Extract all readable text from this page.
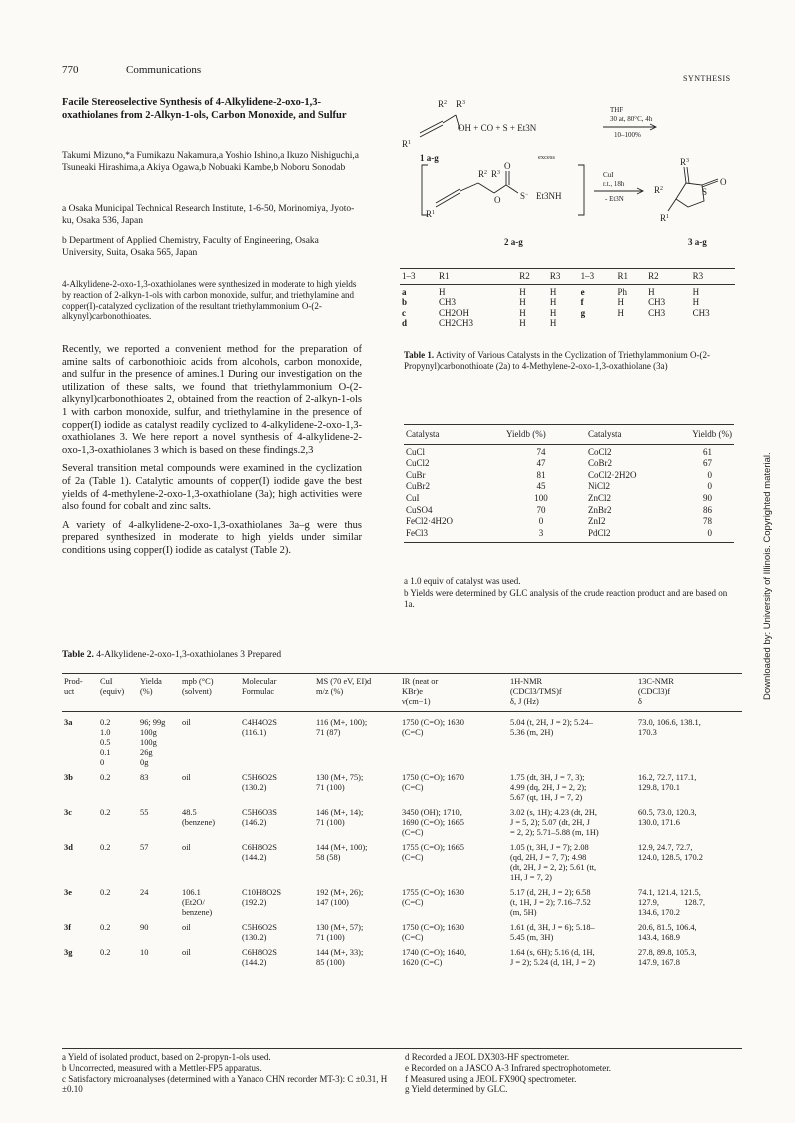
770	Communications
SYNTHESIS
Facile Stereoselective Synthesis of 4-Alkylidene-2-oxo-1,3-oxathiolanes from 2-Alkyn-1-ols, Carbon Monoxide, and Sulfur
Takumi Mizuno,*a Fumikazu Nakamura,a Yoshio Ishino,a Ikuzo Nishiguchi,a Tsuneaki Hirashima,a Akiya Ogawa,b Nobuaki Kambe,b Noboru Sonodab
a Osaka Municipal Technical Research Institute, 1-6-50, Morinomiya, Jyoto-ku, Osaka 536, Japan
b Department of Applied Chemistry, Faculty of Engineering, Osaka University, Suita, Osaka 565, Japan
4-Alkylidene-2-oxo-1,3-oxathiolanes were synthesized in moderate to high yields by reaction of 2-alkyn-1-ols with carbon monoxide, sulfur, and triethylamine and copper(I)-catalyzed cyclization of the resultant triethylammonium O-(2-alkynyl)carbonothioates.

Recently, we reported a convenient method for the preparation of amine salts of carbonothioic acids from alcohols, carbon monoxide, and sulfur in the presence of amines.1 During our investigation on the utilization of these salts, we found that triethylammonium O-(2-alkynyl)carbonothioates 2, obtained from the reaction of 2-alkyn-1-ols 1 with carbon monoxide, sulfur, and triethylamine in the presence of copper(I) iodide as catalyst readily cyclized to 4-alkylidene-2-oxo-1,3-oxathiolanes 3. We here report a novel synthesis of 4-alkylidene-2-oxo-1,3-oxathiolanes 3 which is based on these findings.2,3

Several transition metal compounds were examined in the cyclization of 2a (Table 1). Catalytic amounts of copper(I) iodide gave the best yields of 4-methylene-2-oxo-1,3-oxathiolane (3a); high activities were also found for cobalt and zinc salts.

A variety of 4-alkylidene-2-oxo-1,3-oxathiolanes 3a–g were thus prepared synthesized in moderate to high yields under similar conditions using copper(I) iodide as catalyst (Table 2).

$R^2$ $R^3$
$R^1$
OH + CO + S + Et3N
THF
30 at, 80°C, 4h
10–100%
1 a-g	excess
$R^2$ $R^3$
O
$R^1$
O S− Et3NH
CuI
r.t., 18h
- Et3N
$R^3$
$R^2$	S
O
$R^1$
2 a-g	3 a-g
1–3	R1	R2	R3	1–3	R1	R2	R3

a	H	H	H	e	Ph	H	H
b	CH3	H	H	f	H	CH3	H
c	CH2OH	H	H	g	H	CH3	CH3
d	CH2CH3	H	H				
Table 1. Activity of Various Catalysts in the Cyclization of Triethylammonium O-(2-Propynyl)carbonothioate (2a) to 4-Methylene-2-oxo-1,3-oxathiolane (3a)
Catalysta	Yieldb (%)	Catalysta	Yieldb (%)

CuCl	74	CoCl2	61
CuCl2	47	CoBr2	67
CuBr	81	CoCl2·2H2O	0
CuBr2	45	NiCl2	0
CuI	100	ZnCl2	90
CuSO4	70	ZnBr2	86
FeCl2·4H2O	0	ZnI2	78
FeCl3	3	PdCl2	0

a 1.0 equiv of catalyst was used.
b Yields were determined by GLC analysis of the crude reaction product and are based on 1a.
Table 2. 4-Alkylidene-2-oxo-1,3-oxathiolanes 3 Prepared
Prod-
uct	CuI
(equiv)	Yielda
(%)	mpb (°C)
(solvent)	Molecular
Formulac	MS (70 eV, EI)d
m/z (%)	IR (neat or
KBr)e
ν(cm−1)	1H-NMR
(CDCl3/TMS)f
δ, J (Hz)	13C-NMR
(CDCl3)f
δ

3a	0.2
1.0
0.5
0.1
0	96; 99g
100g
100g
26g
0g	oil	C4H4O2S
(116.1)	116 (M+, 100);
71 (87)	1750 (C=O); 1630
(C=C)	5.04 (t, 2H, J = 2); 5.24–
5.36 (m, 2H)	73.0, 106.6, 138.1,
170.3

3b	0.2	83	oil	C5H6O2S
(130.2)	130 (M+, 75);
71 (100)	1750 (C=O); 1670
(C=C)	1.75 (dt, 3H, J = 7, 3);
4.99 (dq, 2H, J = 2, 2);
5.67 (qt, 1H, J = 7, 2)	16.2, 72.7, 117.1,
129.8, 170.1

3c	0.2	55	48.5
(benzene)	C5H6O3S
(146.2)	146 (M+, 14);
71 (100)	3450 (OH); 1710,
1690 (C=O); 1665
(C=C)	3.02 (s, 1H); 4.23 (dt, 2H,
J = 5, 2); 5.07 (dt, 2H, J
= 2, 2); 5.71–5.88 (m, 1H)	60.5, 73.0, 120.3,
130.0, 171.6

3d	0.2	57	oil	C6H8O2S
(144.2)	144 (M+, 100);
58 (58)	1755 (C=O); 1665
(C=C)	1.05 (t, 3H, J = 7); 2.08
(qd, 2H, J = 7, 7); 4.98
(dt, 2H, J = 2, 2); 5.61 (tt,
1H, J = 7, 2)	12.9, 24.7, 72.7,
124.0, 128.5, 170.2

3e	0.2	24	106.1
(Et2O/
benzene)	C10H8O2S
(192.2)	192 (M+, 26);
147 (100)	1755 (C=O); 1630
(C=C)	5.17 (d, 2H, J = 2); 6.58
(t, 1H, J = 2); 7.16–7.52
(m, 5H)	74.1, 121.4, 121.5,
127.9,            128.7,
134.6, 170.2

3f	0.2	90	oil	C5H6O2S
(130.2)	130 (M+, 57);
71 (100)	1750 (C=O); 1630
(C=C)	1.61 (d, 3H, J = 6); 5.18–
5.45 (m, 3H)	20.6, 81.5, 106.4,
143.4, 168.9

3g	0.2	10	oil	C6H8O2S
(144.2)	144 (M+, 33);
85 (100)	1740 (C=O); 1640,
1620 (C=C)	1.64 (s, 6H); 5.16 (d, 1H,
J = 2); 5.24 (d, 1H, J = 2)	27.8, 89.8, 105.3,
147.9, 167.8

a Yield of isolated product, based on 2-propyn-1-ols used.
b Uncorrected, measured with a Mettler-FP5 apparatus.
c Satisfactory microanalyses (determined with a Yanaco CHN recorder MT-3): C ±0.31, H ±0.10
d Recorded a JEOL DX303-HF spectrometer.
e Recorded on a JASCO A-3 Infrared spectrophotometer.
f Measured using a JEOL FX90Q spectrometer.
g Yield determined by GLC.
Downloaded by: University of Illinois. Copyrighted material.
